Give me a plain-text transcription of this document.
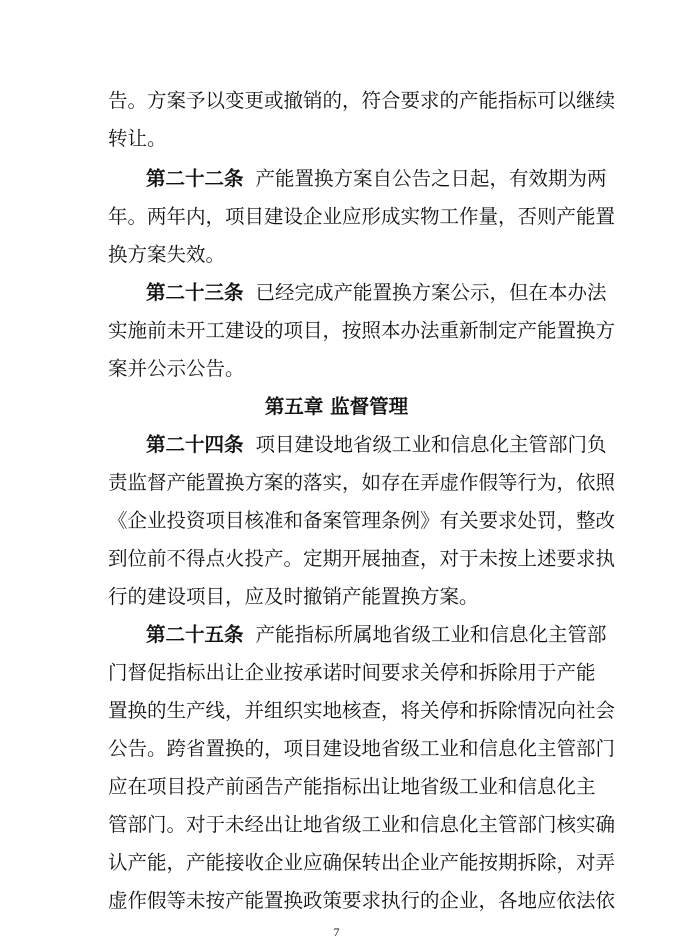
告。方案予以变更或撤销的，符合要求的产能指标可以继续
转让。
第二十二条 产能置换方案自公告之日起，有效期为两
年。两年内，项目建设企业应形成实物工作量，否则产能置
换方案失效。
第二十三条 已经完成产能置换方案公示，但在本办法
实施前未开工建设的项目，按照本办法重新制定产能置换方
案并公示公告。
第五章 监督管理
第二十四条 项目建设地省级工业和信息化主管部门负
责监督产能置换方案的落实，如存在弄虚作假等行为，依照
《企业投资项目核准和备案管理条例》有关要求处罚，整改
到位前不得点火投产。定期开展抽查，对于未按上述要求执
行的建设项目，应及时撤销产能置换方案。
第二十五条 产能指标所属地省级工业和信息化主管部
门督促指标出让企业按承诺时间要求关停和拆除用于产能
置换的生产线，并组织实地核查，将关停和拆除情况向社会
公告。跨省置换的，项目建设地省级工业和信息化主管部门
应在项目投产前函告产能指标出让地省级工业和信息化主
管部门。对于未经出让地省级工业和信息化主管部门核实确
认产能，产能接收企业应确保转出企业产能按期拆除，对弄
虚作假等未按产能置换政策要求执行的企业，各地应依法依
7
